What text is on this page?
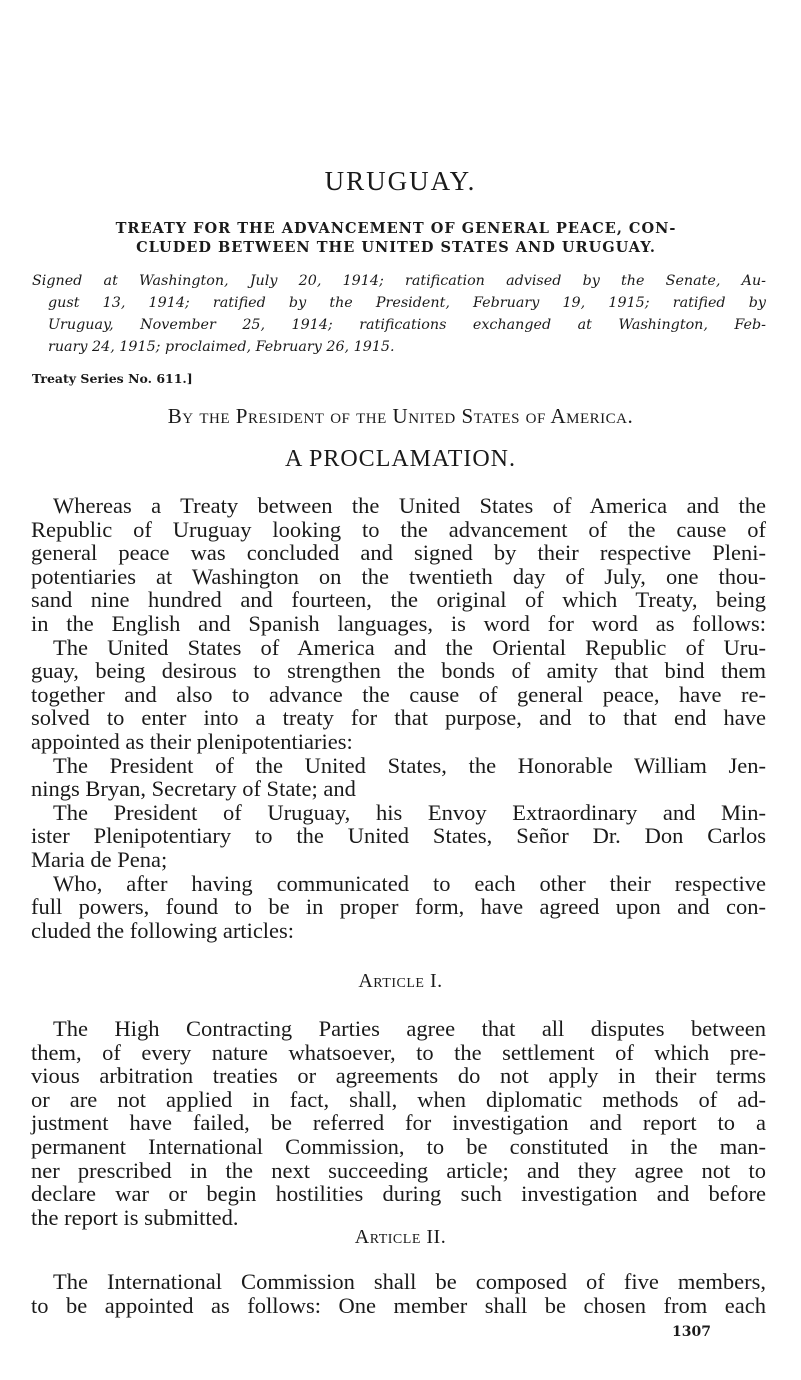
URUGUAY.
TREATY FOR THE ADVANCEMENT OF GENERAL PEACE, CON-
CLUDED BETWEEN THE UNITED STATES AND URUGUAY.
Signed at Washington, July 20, 1914; ratification advised by the Senate, Au-
gust 13, 1914; ratified by the President, February 19, 1915; ratified by
Uruguay, November 25, 1914; ratifications exchanged at Washington, Feb-
ruary 24, 1915; proclaimed, February 26, 1915.

Treaty Series No. 611.]

By the President of the United States of America.

A PROCLAMATION.
Whereas a Treaty between the United States of America and the
Republic of Uruguay looking to the advancement of the cause of
general peace was concluded and signed by their respective Pleni-
potentiaries at Washington on the twentieth day of July, one thou-
sand nine hundred and fourteen, the original of which Treaty, being
in the English and Spanish languages, is word for word as follows:
The United States of America and the Oriental Republic of Uru-
guay, being desirous to strengthen the bonds of amity that bind them
together and also to advance the cause of general peace, have re-
solved to enter into a treaty for that purpose, and to that end have
appointed as their plenipotentiaries:
The President of the United States, the Honorable William Jen-
nings Bryan, Secretary of State; and
The President of Uruguay, his Envoy Extraordinary and Min-
ister Plenipotentiary to the United States, Señor Dr. Don Carlos
Maria de Pena;
Who, after having communicated to each other their respective
full powers, found to be in proper form, have agreed upon and con-
cluded the following articles:
Article I.
The High Contracting Parties agree that all disputes between
them, of every nature whatsoever, to the settlement of which pre-
vious arbitration treaties or agreements do not apply in their terms
or are not applied in fact, shall, when diplomatic methods of ad-
justment have failed, be referred for investigation and report to a
permanent International Commission, to be constituted in the man-
ner prescribed in the next succeeding article; and they agree not to
declare war or begin hostilities during such investigation and before
the report is submitted.
Article II.
The International Commission shall be composed of five members,
to be appointed as follows: One member shall be chosen from each

1307
